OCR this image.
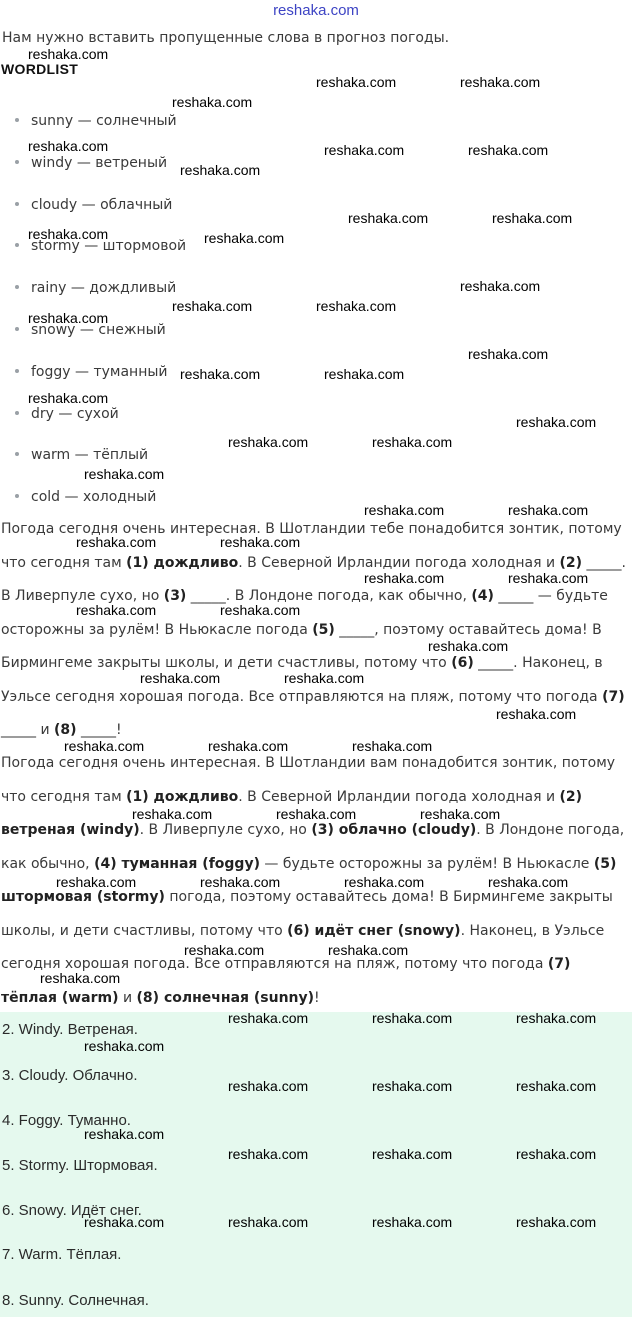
reshaka.com
Нам нужно вставить пропущенные слова в прогноз погоды.
WORDLIST
sunny — солнечный
windy — ветреный
cloudy — облачный
stormy — штормовой
rainy — дождливый
snowy — снежный
foggy — туманный
dry — сухой
warm — тёплый
cold — холодный

Погода сегодня очень интересная. В Шотландии тебе понадобится зонтик, потому что сегодня там (1) дождливо. В Северной Ирландии погода холодная и (2) _____. В Ливерпуле сухо, но (3) _____. В Лондоне погода, как обычно, (4) _____ — будьте осторожны за рулём! В Ньюкасле погода (5) _____, поэтому оставайтесь дома! В Бирмингеме закрыты школы, и дети счастливы, потому что (6) _____. Наконец, в Уэльсе сегодня хорошая погода. Все отправляются на пляж, потому что погода (7) _____ и (8) _____!

Погода сегодня очень интересная. В Шотландии вам понадобится зонтик, потому что сегодня там (1) дождливо. В Северной Ирландии погода холодная и (2) ветреная (windy). В Ливерпуле сухо, но (3) облачно (cloudy). В Лондоне погода, как обычно, (4) туманная (foggy) — будьте осторожны за рулём! В Ньюкасле (5) штормовая (stormy) погода, поэтому оставайтесь дома! В Бирмингеме закрыты школы, и дети счастливы, потому что (6) идёт снег (snowy). Наконец, в Уэльсе сегодня хорошая погода. Все отправляются на пляж, потому что погода (7) тёплая (warm) и (8) солнечная (sunny)!

2. Windy. Ветреная.
3. Cloudy. Облачно.
4. Foggy. Туманно.
5. Stormy. Штормовая.
6. Snowy. Идёт снег.
7. Warm. Тёплая.
8. Sunny. Солнечная.
reshaka.com
reshaka.com	reshaka.com
reshaka.com
reshaka.com	reshaka.com	reshaka.com
reshaka.com
reshaka.com	reshaka.com
reshaka.com	reshaka.com
reshaka.com
reshaka.com	reshaka.com
reshaka.com
reshaka.com
reshaka.com	reshaka.com
reshaka.com
reshaka.com
reshaka.com	reshaka.com
reshaka.com
reshaka.com	reshaka.com
reshaka.com	reshaka.com
reshaka.com	reshaka.com
reshaka.com	reshaka.com
reshaka.com
reshaka.com	reshaka.com
reshaka.com
reshaka.com	reshaka.com	reshaka.com
reshaka.com	reshaka.com	reshaka.com
reshaka.com	reshaka.com	reshaka.com	reshaka.com
reshaka.com	reshaka.com
reshaka.com
reshaka.com	reshaka.com	reshaka.com
reshaka.com
reshaka.com	reshaka.com	reshaka.com
reshaka.com
reshaka.com	reshaka.com	reshaka.com
reshaka.com	reshaka.com	reshaka.com	reshaka.com
